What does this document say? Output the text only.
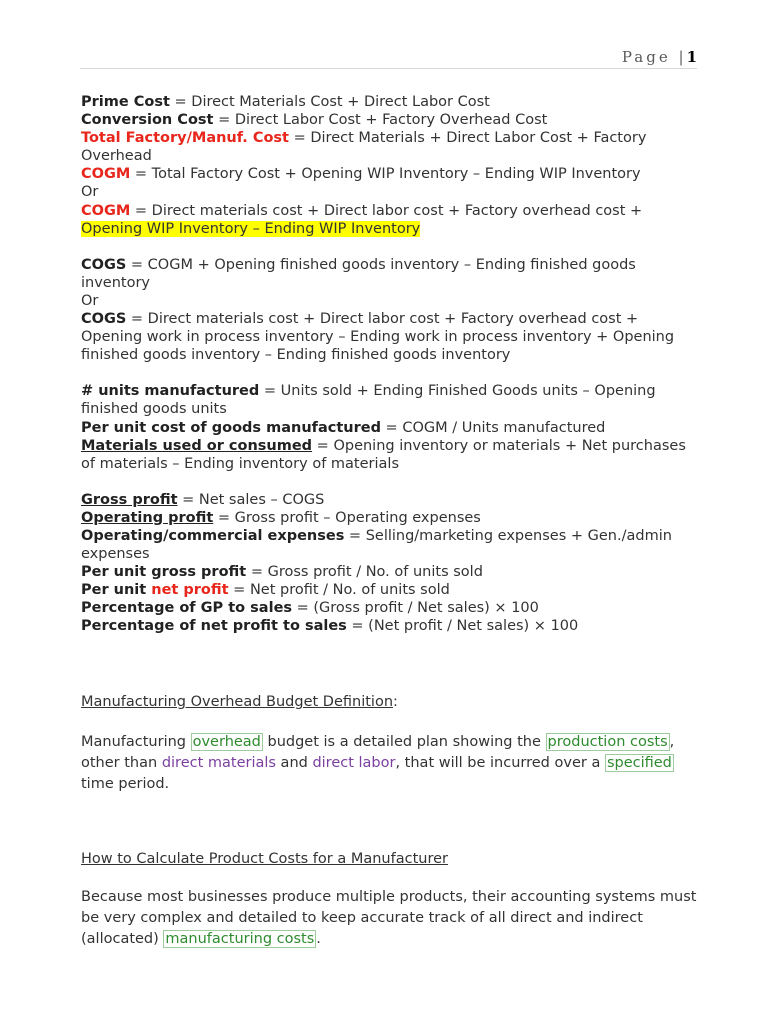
Page |1

Prime Cost = Direct Materials Cost + Direct Labor Cost

Conversion Cost = Direct Labor Cost + Factory Overhead Cost

Total Factory/Manuf. Cost = Direct Materials + Direct Labor Cost + Factory Overhead

COGM = Total Factory Cost + Opening WIP Inventory – Ending WIP Inventory

Or

COGM = Direct materials cost + Direct labor cost + Factory overhead cost + Opening WIP Inventory – Ending WIP Inventory

COGS = COGM + Opening finished goods inventory – Ending finished goods inventory

Or

COGS = Direct materials cost + Direct labor cost + Factory overhead cost + Opening work in process inventory – Ending work in process inventory + Opening finished goods inventory – Ending finished goods inventory

# units manufactured = Units sold + Ending Finished Goods units – Opening finished goods units

Per unit cost of goods manufactured = COGM / Units manufactured

Materials used or consumed = Opening inventory or materials + Net purchases of materials – Ending inventory of materials

Gross profit = Net sales – COGS

Operating profit = Gross profit – Operating expenses

Operating/commercial expenses = Selling/marketing expenses + Gen./admin expenses

Per unit gross profit = Gross profit / No. of units sold

Per unit net profit = Net profit / No. of units sold

Percentage of GP to sales = (Gross profit / Net sales) × 100

Percentage of net profit to sales = (Net profit / Net sales) × 100

Manufacturing Overhead Budget Definition:

Manufacturing overhead budget is a detailed plan showing the production costs , other than direct materials and direct labor, that will be incurred over a specified time period.

How to Calculate Product Costs for a Manufacturer

Because most businesses produce multiple products, their accounting systems must be very complex and detailed to keep accurate track of all direct and indirect (allocated) manufacturing costs .
